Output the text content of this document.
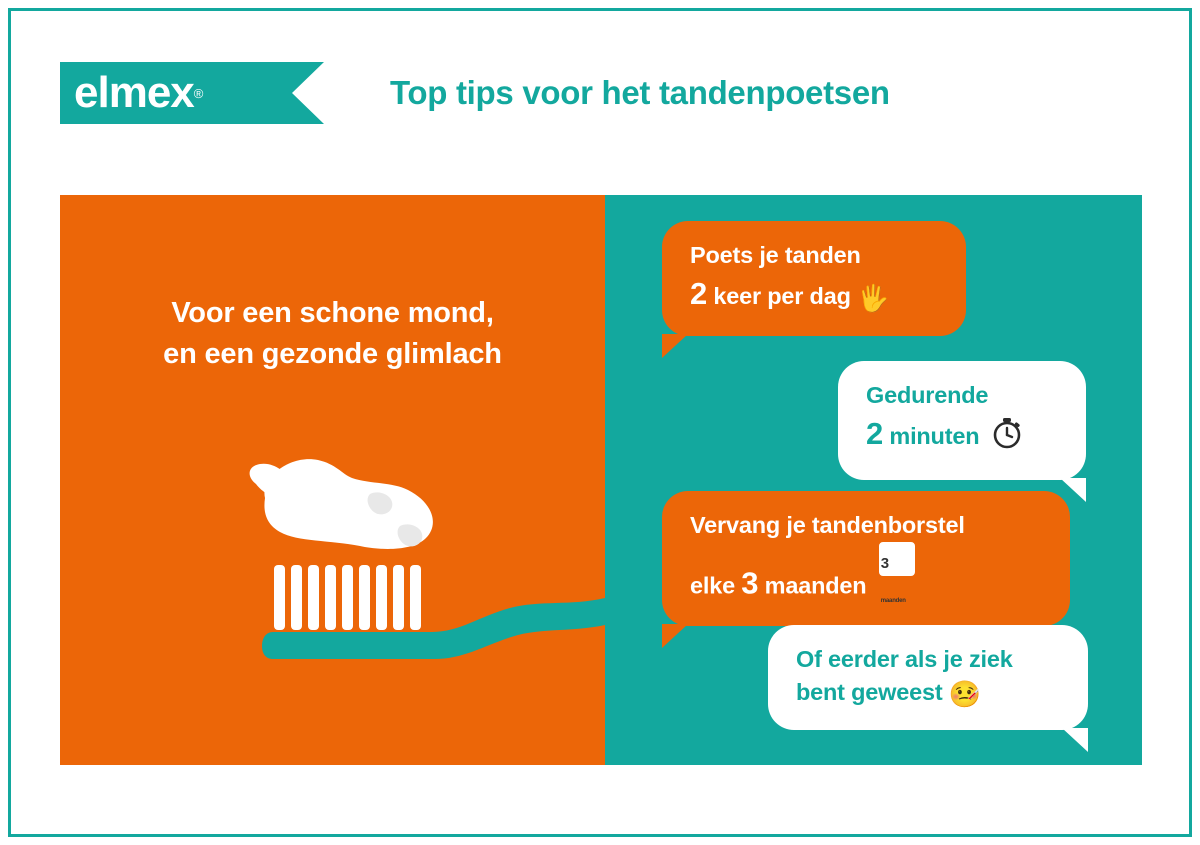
elmex ®	Top tips voor het tandenpoetsen
Voor een schone mond,
en een gezonde glimlach
Poets je tanden
2 keer per dag 🖐
Gedurende
2 minuten
Vervang je tandenborstel
elke 3 maanden 3 maanden
Of eerder als je ziek
bent geweest 🤒
